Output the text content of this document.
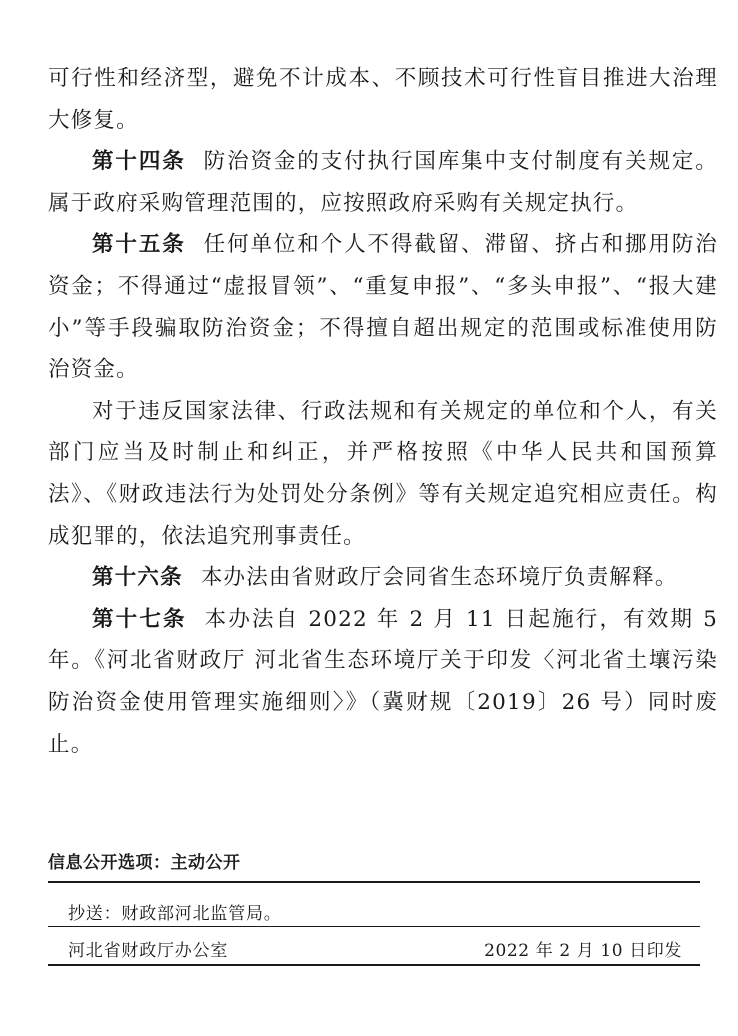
可行性和经济型，避免不计成本、不顾技术可行性盲目推进大治理大修复。

第十四条 防治资金的支付执行国库集中支付制度有关规定。属于政府采购管理范围的，应按照政府采购有关规定执行。

第十五条 任何单位和个人不得截留、滞留、挤占和挪用防治资金；不得通过“虚报冒领”、“重复申报”、“多头申报”、“报大建小”等手段骗取防治资金；不得擅自超出规定的范围或标准使用防治资金。

对于违反国家法律、行政法规和有关规定的单位和个人，有关部门应当及时制止和纠正，并严格按照《中华人民共和国预算法》、《财政违法行为处罚处分条例》等有关规定追究相应责任。构成犯罪的，依法追究刑事责任。

第十六条 本办法由省财政厅会同省生态环境厅负责解释。

第十七条 本办法自 2022 年 2 月 11 日起施行，有效期 5 年。《河北省财政厅 河北省生态环境厅关于印发〈河北省土壤污染防治资金使用管理实施细则〉》（冀财规〔2019〕26 号）同时废止。

信息公开选项：主动公开
抄送：财政部河北监管局。
河北省财政厅办公室	2022 年 2 月 10 日印发
